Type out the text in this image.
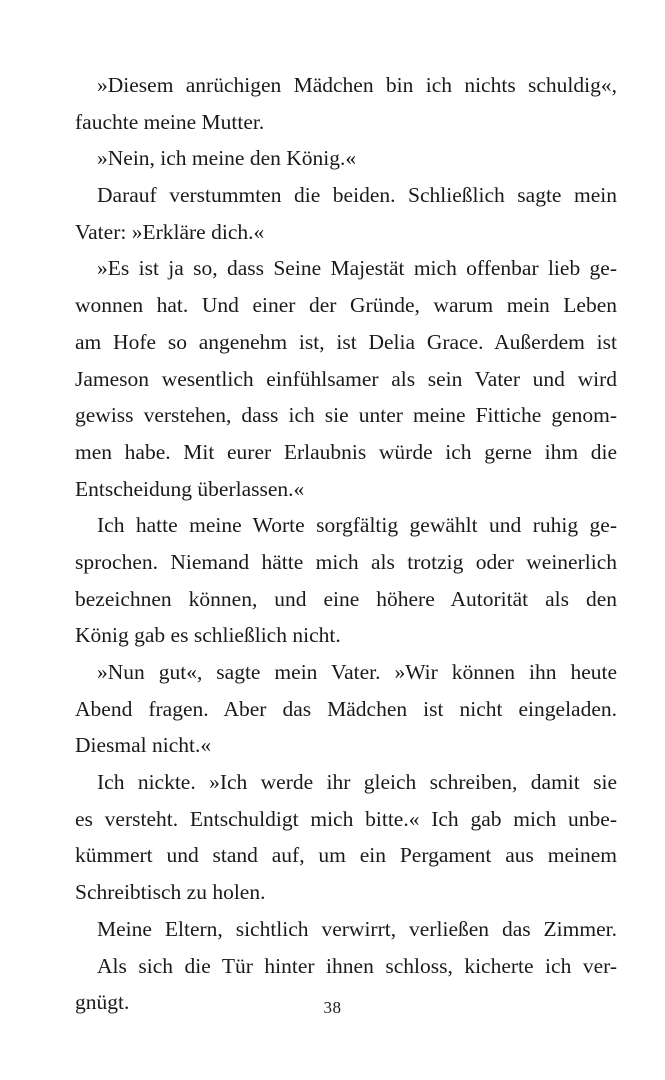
»Diesem anrüchigen Mädchen bin ich nichts schuldig«,
fauchte meine Mutter.
»Nein, ich meine den König.«
Darauf verstummten die beiden. Schließlich sagte mein
Vater: »Erkläre dich.«
»Es ist ja so, dass Seine Majestät mich offenbar lieb ge-
wonnen hat. Und einer der Gründe, warum mein Leben
am Hofe so angenehm ist, ist Delia Grace. Außerdem ist
Jameson wesentlich einfühlsamer als sein Vater und wird
gewiss verstehen, dass ich sie unter meine Fittiche genom-
men habe. Mit eurer Erlaubnis würde ich gerne ihm die
Entscheidung überlassen.«
Ich hatte meine Worte sorgfältig gewählt und ruhig ge-
sprochen. Niemand hätte mich als trotzig oder weinerlich
bezeichnen können, und eine höhere Autorität als den
König gab es schließlich nicht.
»Nun gut«, sagte mein Vater. »Wir können ihn heute
Abend fragen. Aber das Mädchen ist nicht eingeladen.
Diesmal nicht.«
Ich nickte. »Ich werde ihr gleich schreiben, damit sie
es versteht. Entschuldigt mich bitte.« Ich gab mich unbe-
kümmert und stand auf, um ein Pergament aus meinem
Schreibtisch zu holen.
Meine Eltern, sichtlich verwirrt, verließen das Zimmer.
Als sich die Tür hinter ihnen schloss, kicherte ich ver-
gnügt.	38
